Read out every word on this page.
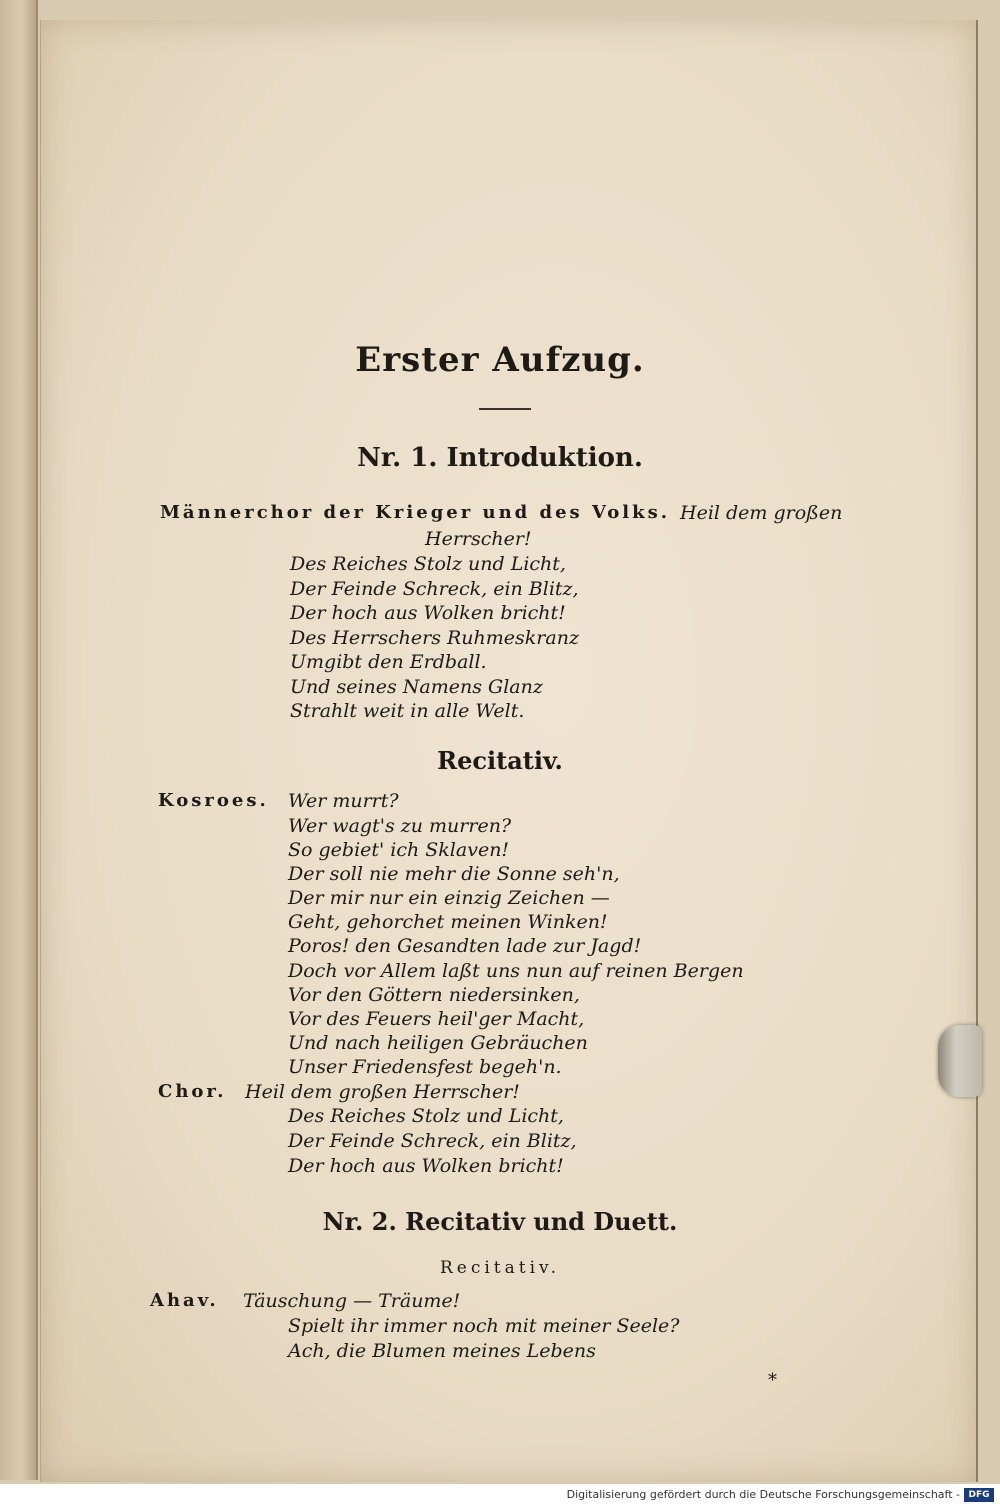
Erster Aufzug.
Nr. 1. Introduktion.
Männerchor der Krieger und des Volks. Heil dem großen
Herrscher!
Des Reiches Stolz und Licht,
Der Feinde Schreck, ein Blitz,
Der hoch aus Wolken bricht!
Des Herrschers Ruhmeskranz
Umgibt den Erdball.
Und seines Namens Glanz
Strahlt weit in alle Welt.
Recitativ.
Kosroes. Wer murrt?
Wer wagt's zu murren?
So gebiet' ich Sklaven!
Der soll nie mehr die Sonne seh'n,
Der mir nur ein einzig Zeichen —
Geht, gehorchet meinen Winken!
Poros! den Gesandten lade zur Jagd!
Doch vor Allem laßt uns nun auf reinen Bergen
Vor den Göttern niedersinken,
Vor des Feuers heil'ger Macht,
Und nach heiligen Gebräuchen
Unser Friedensfest begeh'n.
Chor. Heil dem großen Herrscher!
Des Reiches Stolz und Licht,
Der Feinde Schreck, ein Blitz,
Der hoch aus Wolken bricht!
Nr. 2. Recitativ und Duett.
Recitativ.
Ahav. Täuschung — Träume!
Spielt ihr immer noch mit meiner Seele?
Ach, die Blumen meines Lebens
*
Digitalisierung gefördert durch die Deutsche Forschungsgemeinschaft - DFG
